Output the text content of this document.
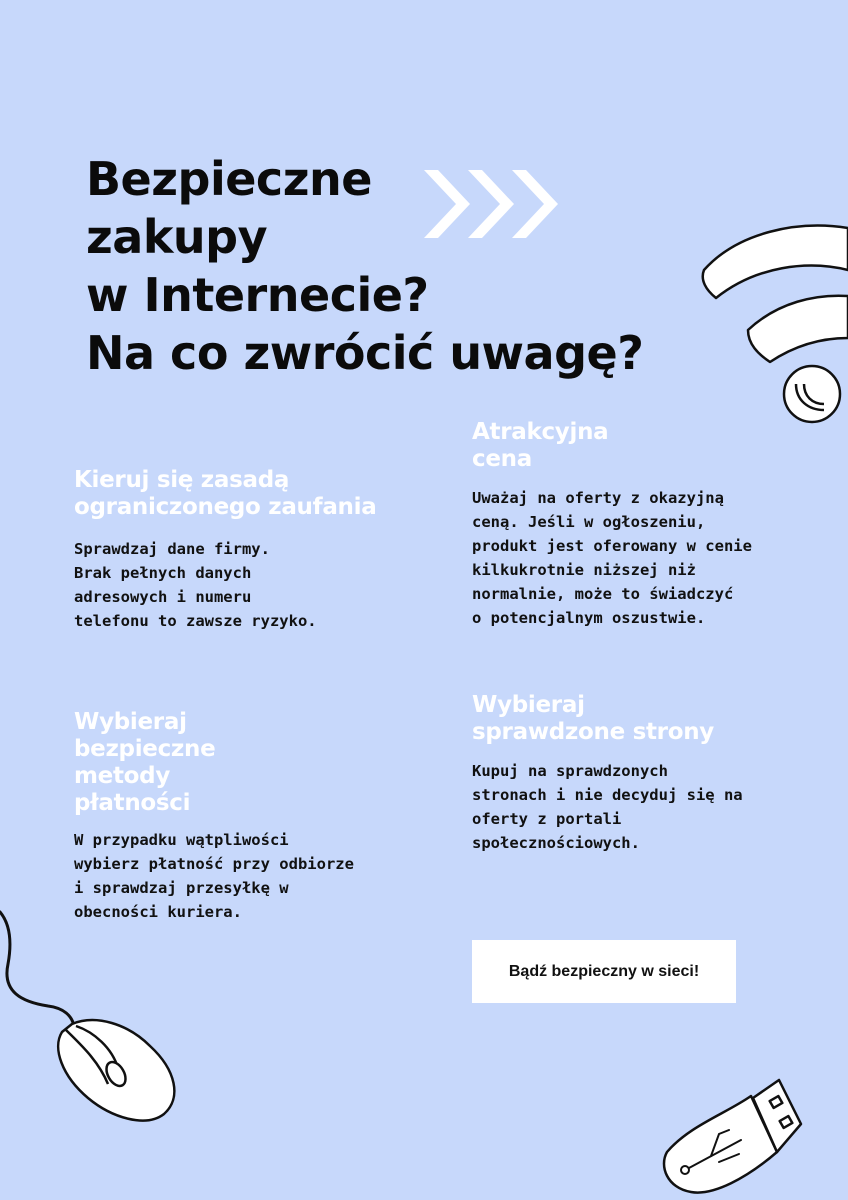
Bezpieczne
zakupy
w Internecie?
Na co zwrócić uwagę?
Kieruj się zasadą
ograniczonego zaufania
Sprawdzaj dane firmy.
Brak pełnych danych
adresowych i numeru
telefonu to zawsze ryzyko.
Atrakcyjna
cena
Uważaj na oferty z okazyjną
ceną. Jeśli w ogłoszeniu,
produkt jest oferowany w cenie
kilkukrotnie niższej niż
normalnie, może to świadczyć
o potencjalnym oszustwie.
Wybieraj
bezpieczne
metody
płatności
W przypadku wątpliwości
wybierz płatność przy odbiorze
i sprawdzaj przesyłkę w
obecności kuriera.
Wybieraj
sprawdzone strony
Kupuj na sprawdzonych
stronach i nie decyduj się na
oferty z portali
społecznościowych.
Bądź bezpieczny w sieci!
